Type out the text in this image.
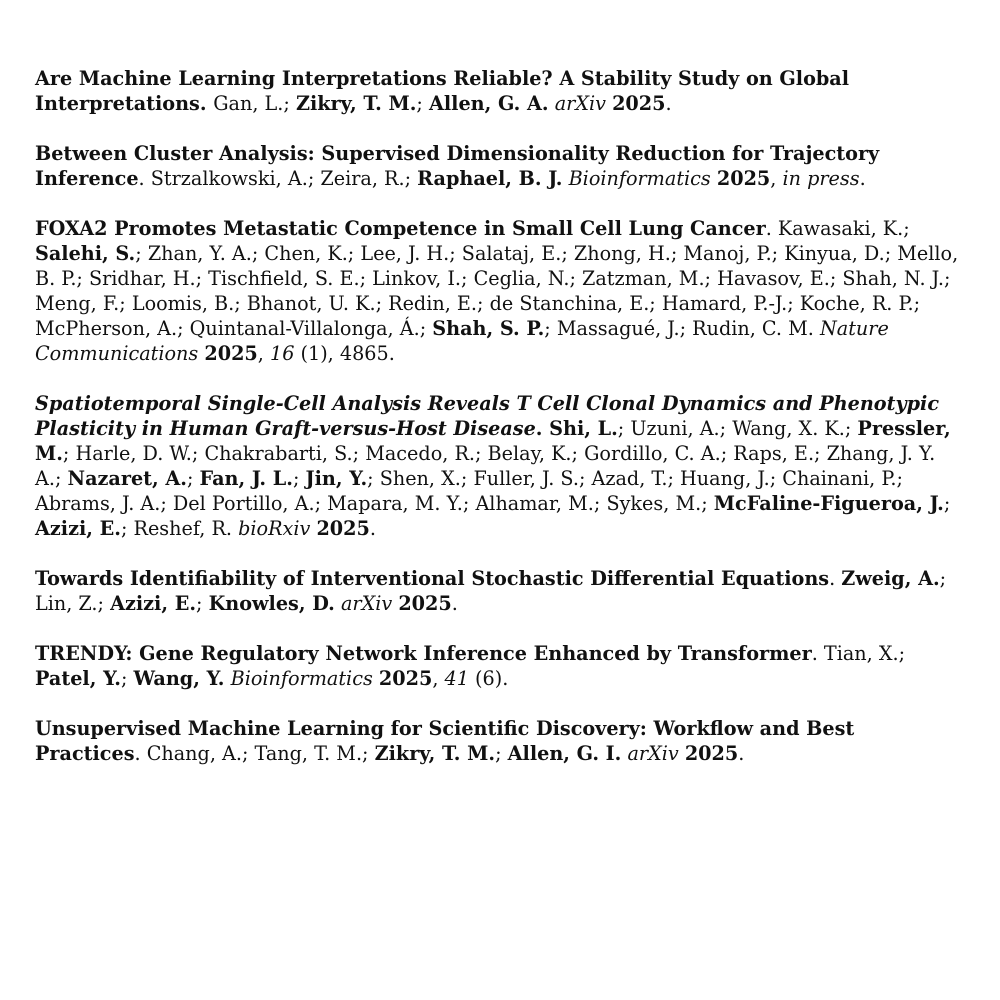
Are Machine Learning Interpretations Reliable? A Stability Study on Global Interpretations. Gan, L.; Zikry, T. M.; Allen, G. A. arXiv 2025.

Between Cluster Analysis: Supervised Dimensionality Reduction for Trajectory Inference. Strzalkowski, A.; Zeira, R.; Raphael, B. J. Bioinformatics 2025, in press.

FOXA2 Promotes Metastatic Competence in Small Cell Lung Cancer. Kawasaki, K.; Salehi, S.; Zhan, Y. A.; Chen, K.; Lee, J. H.; Salataj, E.; Zhong, H.; Manoj, P.; Kinyua, D.; Mello, B. P.; Sridhar, H.; Tischfield, S. E.; Linkov, I.; Ceglia, N.; Zatzman, M.; Havasov, E.; Shah, N. J.; Meng, F.; Loomis, B.; Bhanot, U. K.; Redin, E.; de Stanchina, E.; Hamard, P.-J.; Koche, R. P.; McPherson, A.; Quintanal-Villalonga, Á.; Shah, S. P.; Massagué, J.; Rudin, C. M. Nature Communications 2025, 16 (1), 4865.

Spatiotemporal Single-Cell Analysis Reveals T Cell Clonal Dynamics and Phenotypic Plasticity in Human Graft-versus-Host Disease. Shi, L.; Uzuni, A.; Wang, X. K.; Pressler, M.; Harle, D. W.; Chakrabarti, S.; Macedo, R.; Belay, K.; Gordillo, C. A.; Raps, E.; Zhang, J. Y. A.; Nazaret, A.; Fan, J. L.; Jin, Y.; Shen, X.; Fuller, J. S.; Azad, T.; Huang, J.; Chainani, P.; Abrams, J. A.; Del Portillo, A.; Mapara, M. Y.; Alhamar, M.; Sykes, M.; McFaline-Figueroa, J.; Azizi, E.; Reshef, R. bioRxiv 2025.

Towards Identifiability of Interventional Stochastic Differential Equations. Zweig, A.; Lin, Z.; Azizi, E.; Knowles, D. arXiv 2025.

TRENDY: Gene Regulatory Network Inference Enhanced by Transformer. Tian, X.; Patel, Y.; Wang, Y. Bioinformatics 2025, 41 (6).

Unsupervised Machine Learning for Scientific Discovery: Workflow and Best Practices. Chang, A.; Tang, T. M.; Zikry, T. M.; Allen, G. I. arXiv 2025.
